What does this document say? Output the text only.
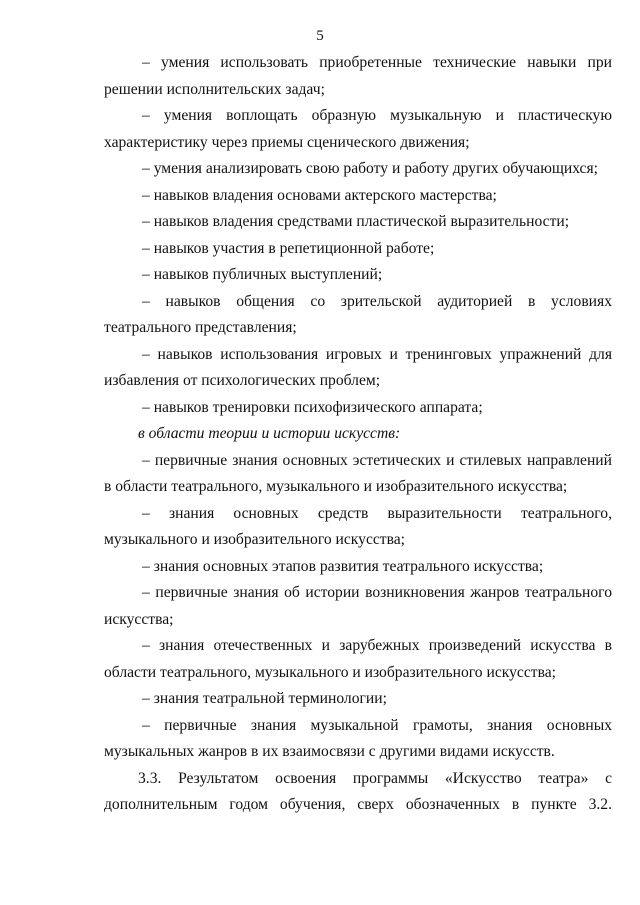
5

– умения использовать приобретенные технические навыки при решении исполнительских задач;

– умения воплощать образную музыкальную и пластическую характеристику через приемы сценического движения;

– умения анализировать свою работу и работу других обучающихся;

– навыков владения основами актерского мастерства;

– навыков владения средствами пластической выразительности;

– навыков участия в репетиционной работе;

– навыков публичных выступлений;

– навыков общения со зрительской аудиторией в условиях театрального представления;

– навыков использования игровых и тренинговых упражнений для избавления от психологических проблем;

– навыков тренировки психофизического аппарата;

в области теории и истории искусств:

– первичные знания основных эстетических и стилевых направлений в области театрального, музыкального и изобразительного искусства;

– знания основных средств выразительности театрального, музыкального и изобразительного искусства;

– знания основных этапов развития театрального искусства;

– первичные знания об истории возникновения жанров театрального искусства;

– знания отечественных и зарубежных произведений искусства в области театрального, музыкального и изобразительного искусства;

– знания театральной терминологии;

– первичные знания музыкальной грамоты, знания основных музыкальных жанров в их взаимосвязи с другими видами искусств.

3.3. Результатом освоения программы «Искусство театра» с дополнительным годом обучения, сверх обозначенных в пункте 3.2.
